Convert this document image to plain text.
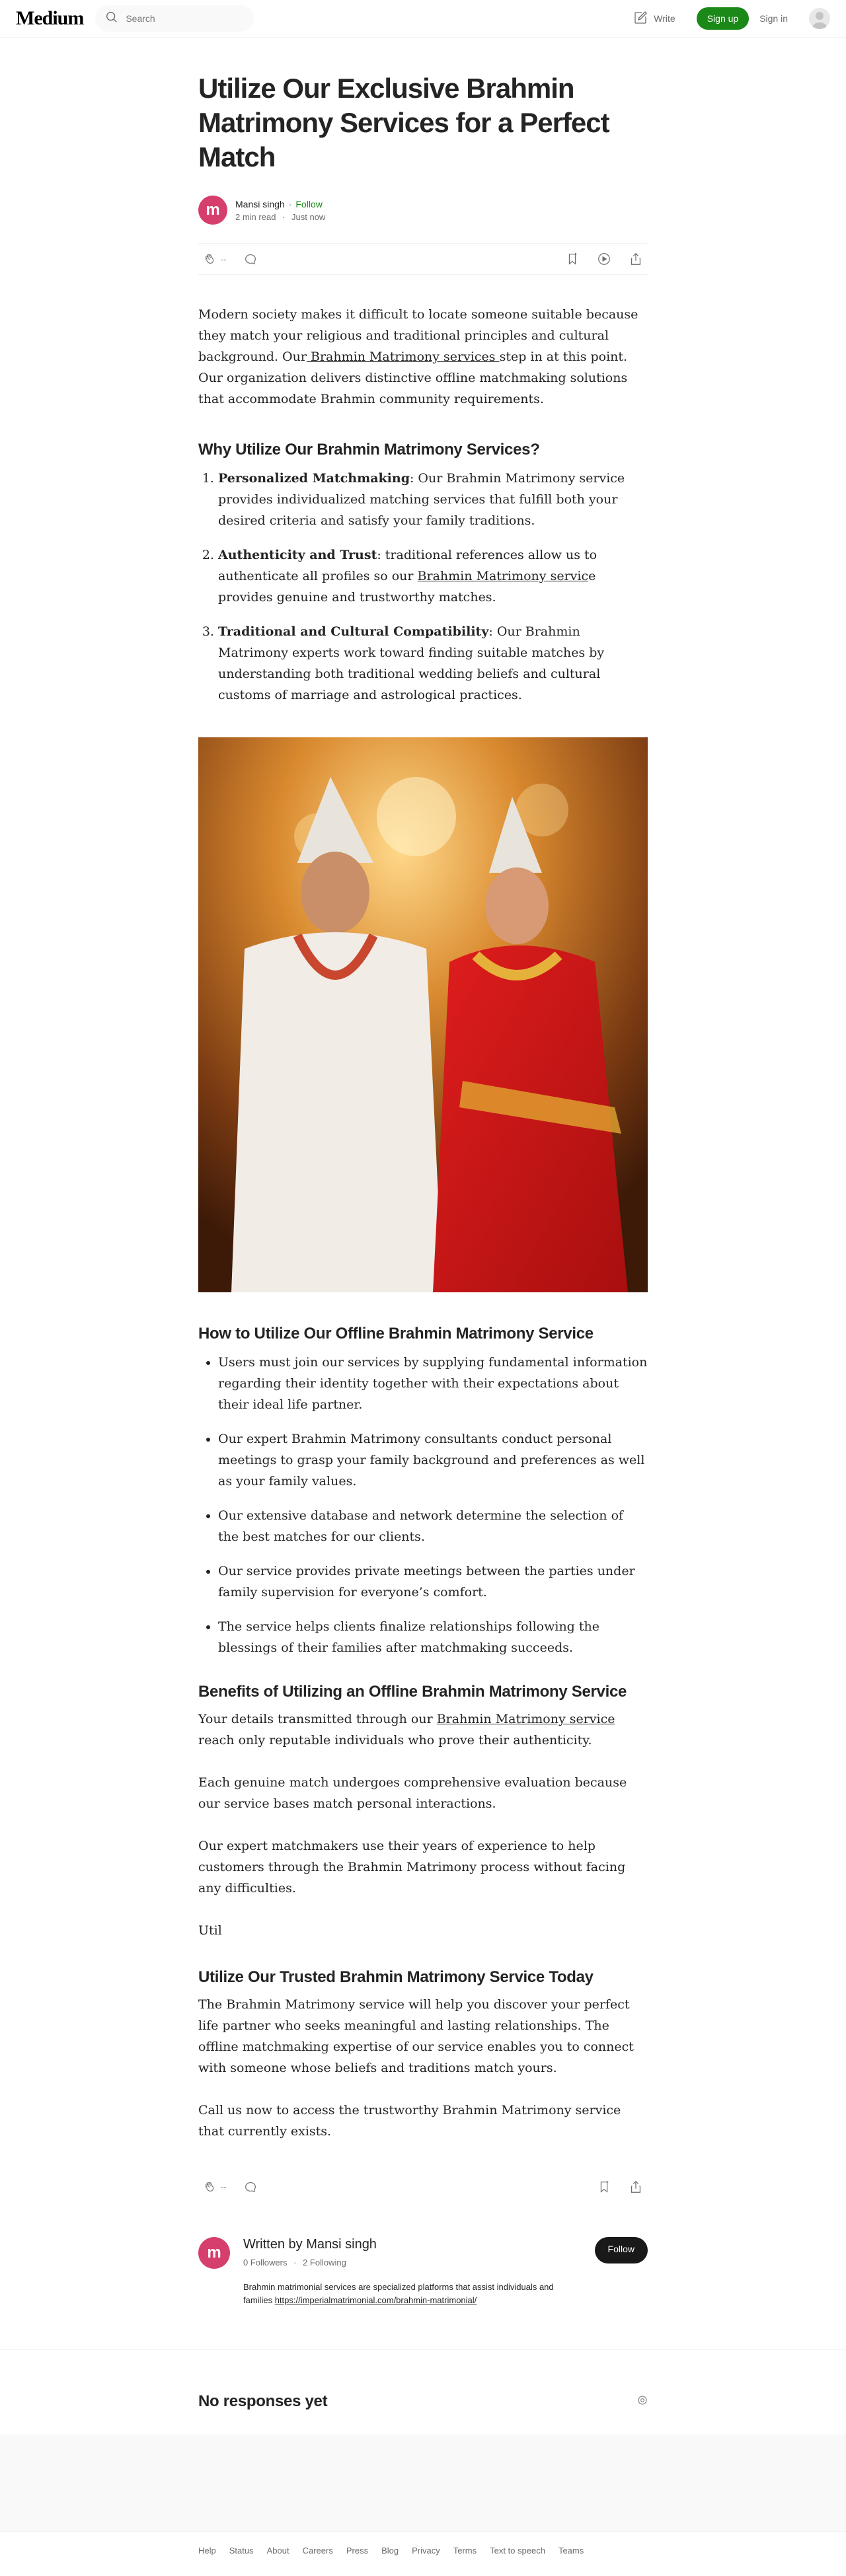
Medium
Search	Write	Sign up	Sign in
Utilize Our Exclusive Brahmin Matrimony Services for a Perfect Match
m	Mansi singh · Follow
2 min read · Just now
--

Modern society makes it difficult to locate someone suitable because they match your religious and traditional principles and cultural background. Our Brahmin Matrimony services step in at this point. Our organization delivers distinctive offline matchmaking solutions that accommodate Brahmin community requirements.

Why Utilize Our Brahmin Matrimony Services?
1. Personalized Matchmaking: Our Brahmin Matrimony service provides individualized matching services that fulfill both your desired criteria and satisfy your family traditions.
2. Authenticity and Trust: traditional references allow us to authenticate all profiles so our Brahmin Matrimony service provides genuine and trustworthy matches.
3. Traditional and Cultural Compatibility: Our Brahmin Matrimony experts work toward finding suitable matches by understanding both traditional wedding beliefs and cultural customs of marriage and astrological practices.
How to Utilize Our Offline Brahmin Matrimony Service
• Users must join our services by supplying fundamental information regarding their identity together with their expectations about their ideal life partner.
• Our expert Brahmin Matrimony consultants conduct personal meetings to grasp your family background and preferences as well as your family values.
• Our extensive database and network determine the selection of the best matches for our clients.
• Our service provides private meetings between the parties under family supervision for everyone’s comfort.
• The service helps clients finalize relationships following the blessings of their families after matchmaking succeeds.
Benefits of Utilizing an Offline Brahmin Matrimony Service

Your details transmitted through our Brahmin Matrimony service reach only reputable individuals who prove their authenticity.

Each genuine match undergoes comprehensive evaluation because our service bases match personal interactions.

Our expert matchmakers use their years of experience to help customers through the Brahmin Matrimony process without facing any difficulties.

Util

Utilize Our Trusted Brahmin Matrimony Service Today

The Brahmin Matrimony service will help you discover your perfect life partner who seeks meaningful and lasting relationships. The offline matchmaking expertise of our service enables you to connect with someone whose beliefs and traditions match yours.

Call us now to access the trustworthy Brahmin Matrimony service that currently exists.

--
m	Written by Mansi singh
0 Followers · 2 Following
Brahmin matrimonial services are specialized platforms that assist individuals and families https://imperialmatrimonial.com/brahmin-matrimonial/
Follow
No responses yet
Help Status About Careers Press Blog Privacy Terms Text to speech Teams
